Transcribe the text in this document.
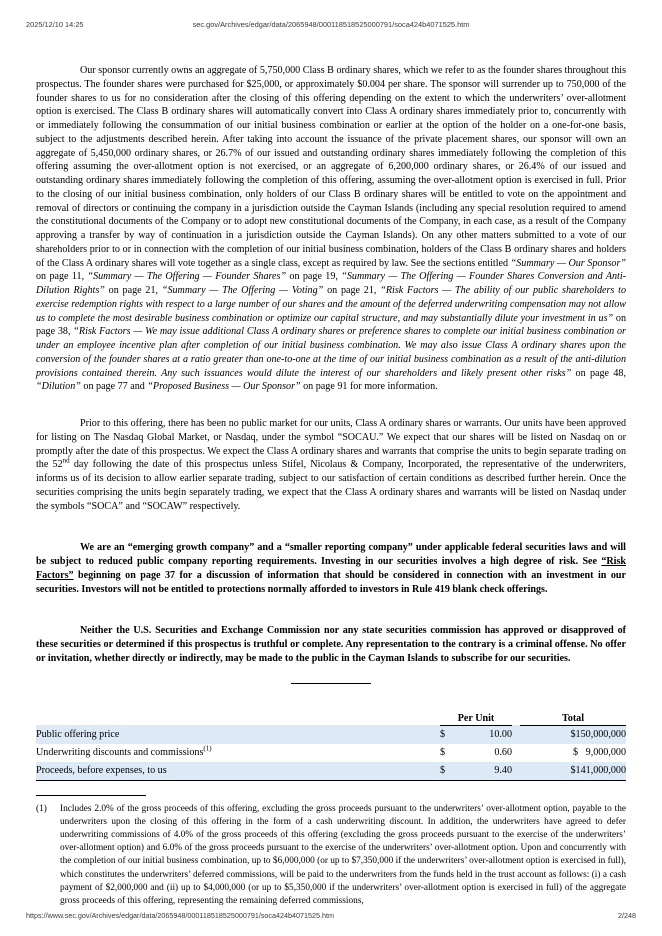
2025/12/10 14:25	sec.gov/Archives/edgar/data/2065948/000118518525000791/soca424b4071525.htm

Our sponsor currently owns an aggregate of 5,750,000 Class B ordinary shares, which we refer to as the founder shares throughout this prospectus. The founder shares were purchased for $25,000, or approximately $0.004 per share. The sponsor will surrender up to 750,000 of the founder shares to us for no consideration after the closing of this offering depending on the extent to which the underwriters’ over-allotment option is exercised. The Class B ordinary shares will automatically convert into Class A ordinary shares immediately prior to, concurrently with or immediately following the consummation of our initial business combination or earlier at the option of the holder on a one-for-one basis, subject to the adjustments described herein. After taking into account the issuance of the private placement shares, our sponsor will own an aggregate of 5,450,000 ordinary shares, or 26.7% of our issued and outstanding ordinary shares immediately following the completion of this offering assuming the over-allotment option is not exercised, or an aggregate of 6,200,000 ordinary shares, or 26.4% of our issued and outstanding ordinary shares immediately following the completion of this offering, assuming the over-allotment option is exercised in full. Prior to the closing of our initial business combination, only holders of our Class B ordinary shares will be entitled to vote on the appointment and removal of directors or continuing the company in a jurisdiction outside the Cayman Islands (including any special resolution required to amend the constitutional documents of the Company or to adopt new constitutional documents of the Company, in each case, as a result of the Company approving a transfer by way of continuation in a jurisdiction outside the Cayman Islands). On any other matters submitted to a vote of our shareholders prior to or in connection with the completion of our initial business combination, holders of the Class B ordinary shares and holders of the Class A ordinary shares will vote together as a single class, except as required by law. See the sections entitled “Summary — Our Sponsor” on page 11, “Summary — The Offering — Founder Shares” on page 19, “Summary — The Offering — Founder Shares Conversion and Anti-Dilution Rights” on page 21, “Summary — The Offering — Voting” on page 21, “Risk Factors — The ability of our public shareholders to exercise redemption rights with respect to a large number of our shares and the amount of the deferred underwriting compensation may not allow us to complete the most desirable business combination or optimize our capital structure, and may substantially dilute your investment in us” on page 38, “Risk Factors — We may issue additional Class A ordinary shares or preference shares to complete our initial business combination or under an employee incentive plan after completion of our initial business combination. We may also issue Class A ordinary shares upon the conversion of the founder shares at a ratio greater than one-to-one at the time of our initial business combination as a result of the anti-dilution provisions contained therein. Any such issuances would dilute the interest of our shareholders and likely present other risks” on page 48, “Dilution” on page 77 and “Proposed Business — Our Sponsor” on page 91 for more information.

Prior to this offering, there has been no public market for our units, Class A ordinary shares or warrants. Our units have been approved for listing on The Nasdaq Global Market, or Nasdaq, under the symbol “SOCAU.” We expect that our shares will be listed on Nasdaq on or promptly after the date of this prospectus. We expect the Class A ordinary shares and warrants that comprise the units to begin separate trading on the 52nd day following the date of this prospectus unless Stifel, Nicolaus & Company, Incorporated, the representative of the underwriters, informs us of its decision to allow earlier separate trading, subject to our satisfaction of certain conditions as described further herein. Once the securities comprising the units begin separately trading, we expect that the Class A ordinary shares and warrants will be listed on Nasdaq under the symbols “SOCA” and “SOCAW” respectively.

We are an “emerging growth company” and a “smaller reporting company” under applicable federal securities laws and will be subject to reduced public company reporting requirements. Investing in our securities involves a high degree of risk. See “Risk Factors” beginning on page 37 for a discussion of information that should be considered in connection with an investment in our securities. Investors will not be entitled to protections normally afforded to investors in Rule 419 blank check offerings.

Neither the U.S. Securities and Exchange Commission nor any state securities commission has approved or disapproved of these securities or determined if this prospectus is truthful or complete. Any representation to the contrary is a criminal offense. No offer or invitation, whether directly or indirectly, may be made to the public in the Cayman Islands to subscribe for our securities.

	Per Unit			Total
Public offering price	$	10.00		$150,000,000
Underwriting discounts and commissions$^{(1)}$	$	0.60		$ 9,000,000
Proceeds, before expenses, to us	$	9.40		$141,000,000
(1)	Includes 2.0% of the gross proceeds of this offering, excluding the gross proceeds pursuant to the underwriters’ over-allotment option, payable to the underwriters upon the closing of this offering in the form of a cash underwriting discount. In addition, the underwriters have agreed to defer underwriting commissions of 4.0% of the gross proceeds of this offering (excluding the gross proceeds pursuant to the exercise of the underwriters’ over-allotment option) and 6.0% of the gross proceeds pursuant to the exercise of the underwriters’ over-allotment option. Upon and concurrently with the completion of our initial business combination, up to $6,000,000 (or up to $7,350,000 if the underwriters’ over-allotment option is exercised in full), which constitutes the underwriters’ deferred commissions, will be paid to the underwriters from the funds held in the trust account as follows: (i) a cash payment of $2,000,000 and (ii) up to $4,000,000 (or up to $5,350,000 if the underwriters’ over-allotment option is exercised in full) of the aggregate gross proceeds of this offering, representing the remaining deferred commissions,

https://www.sec.gov/Archives/edgar/data/2065948/000118518525000791/soca424b4071525.htm	2/248
